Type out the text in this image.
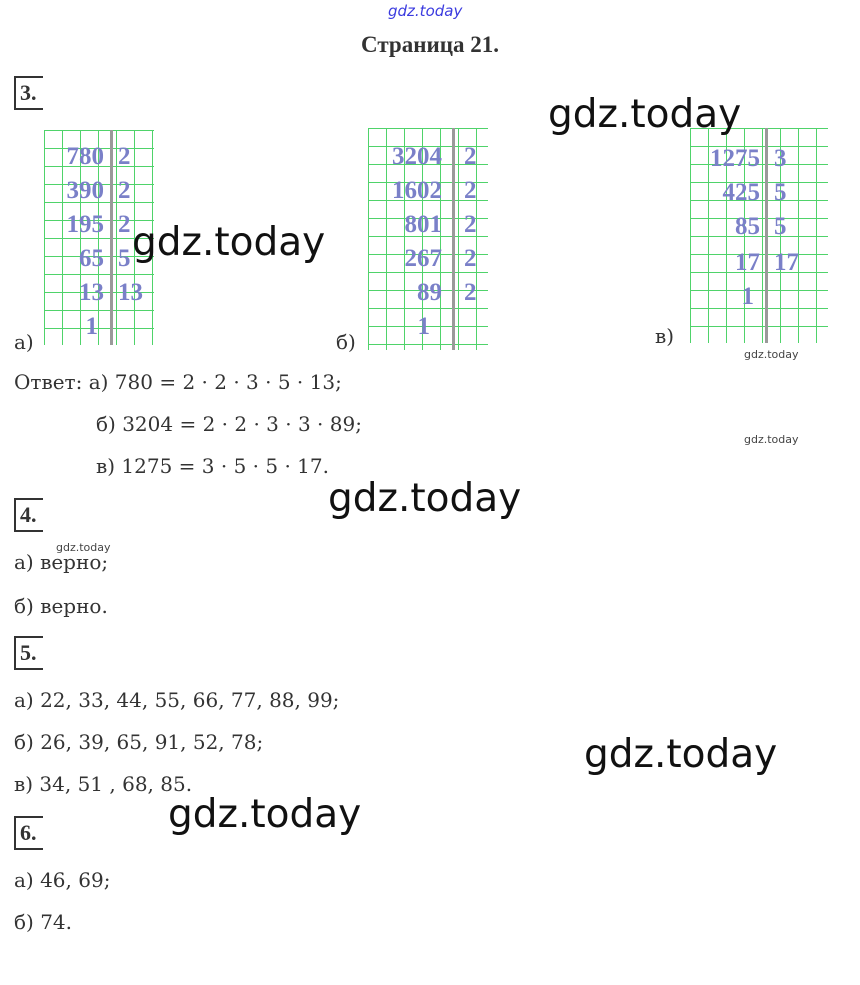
gdz.today
Страница 21.
3.
780
390
195
65
13
1
2
2
2
5
13
а)
3204
1602
801
267
89
1
2
2
2
2
2
б)
1275
425
85
17
1
3
5
5
17
в)
Ответ: а) 780 = 2 · 2 · 3 · 5 · 13;
б) 3204 = 2 · 2 · 3 · 3 · 89;
в) 1275 = 3 · 5 · 5 · 17.
4.
а) верно;
б) верно.
5.
а) 22, 33, 44, 55, 66, 77, 88, 99;
б) 26, 39, 65, 91, 52, 78;
в) 34, 51 , 68, 85.
6.
а) 46, 69;
б) 74.
gdz.today
gdz.today
gdz.today
gdz.today
gdz.today
gdz.today
gdz.today
gdz.today
